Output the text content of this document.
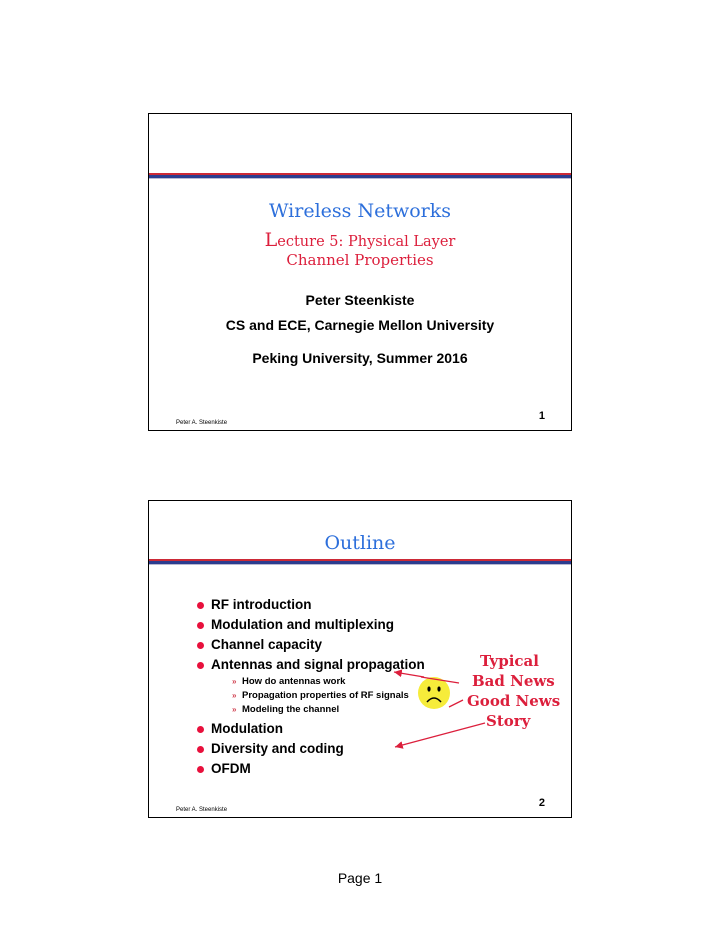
Wireless Networks
Lecture 5: Physical Layer
Channel Properties
Peter Steenkiste
CS and ECE, Carnegie Mellon University
Peking University, Summer 2016
Peter A. Steenkiste
1
Outline
RF introduction
Modulation and multiplexing
Channel capacity
Antennas and signal propagation
» How do antennas work
» Propagation properties of RF signals
» Modeling the channel
Modulation
Diversity and coding
OFDM
Typical
Bad News
Good News
Story
Peter A. Steenkiste
2
Page 1
